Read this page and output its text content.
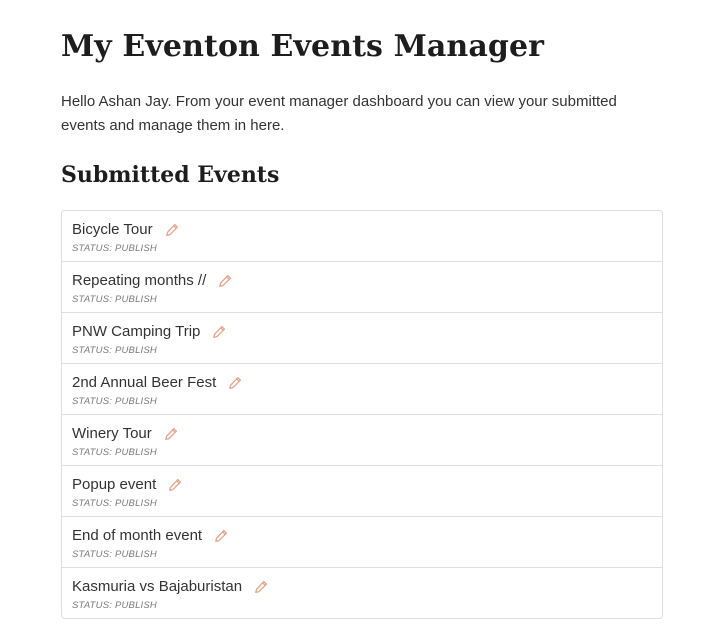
My Eventon Events Manager

Hello Ashan Jay. From your event manager dashboard you can view your submitted events and manage them in here.

Submitted Events
Bicycle Tour
STATUS: PUBLISH
Repeating months //
STATUS: PUBLISH
PNW Camping Trip
STATUS: PUBLISH
2nd Annual Beer Fest
STATUS: PUBLISH
Winery Tour
STATUS: PUBLISH
Popup event
STATUS: PUBLISH
End of month event
STATUS: PUBLISH
Kasmuria vs Bajaburistan
STATUS: PUBLISH
